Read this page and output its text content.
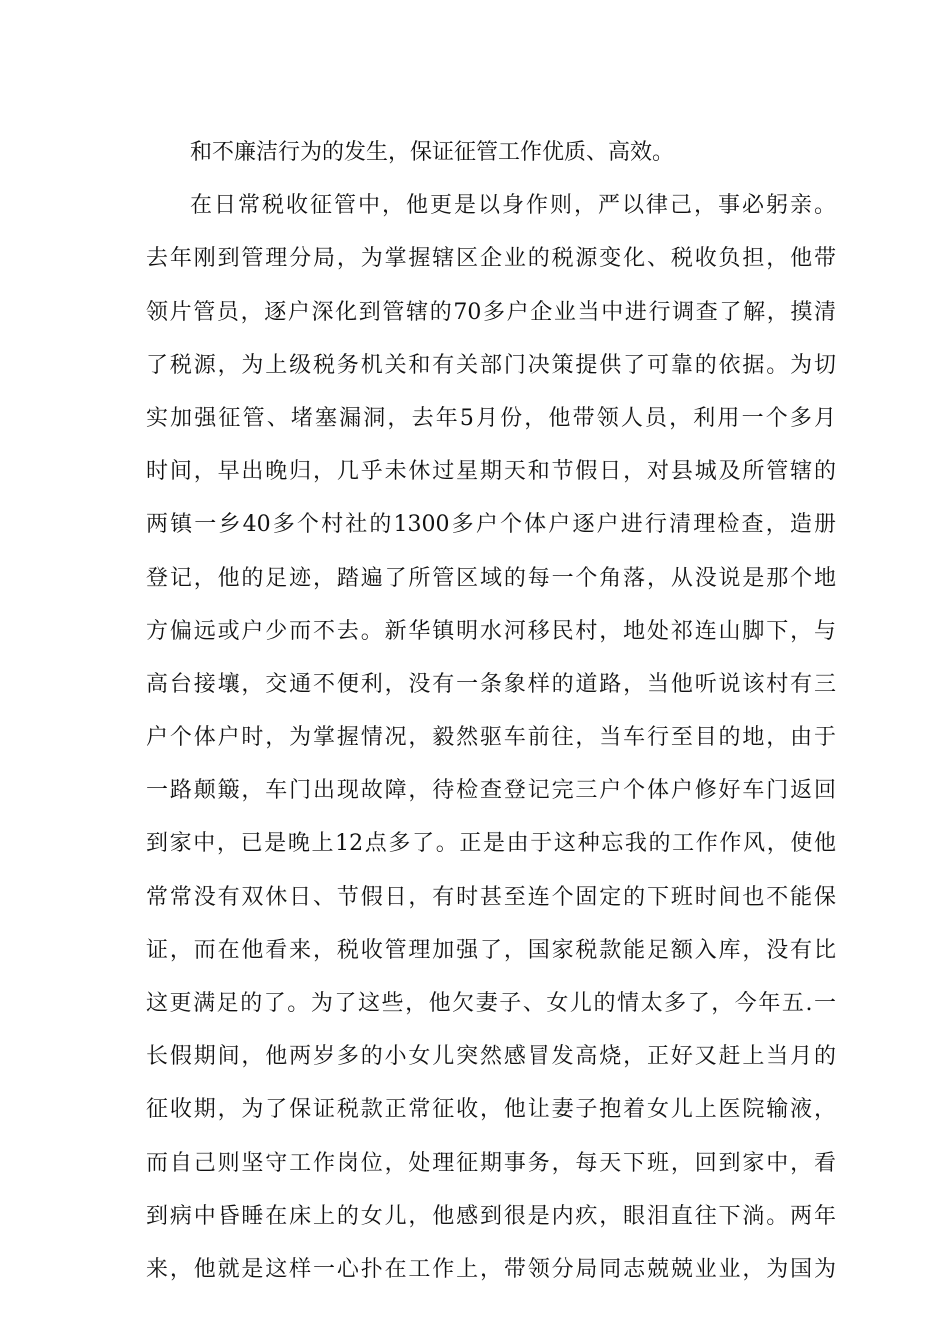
和不廉洁行为的发生，保证征管工作优质、高效。
在日常税收征管中，他更是以身作则，严以律己，事必躬亲。
去年刚到管理分局，为掌握辖区企业的税源变化、税收负担，他带
领片管员，逐户深化到管辖的70多户企业当中进行调查了解，摸清
了税源，为上级税务机关和有关部门决策提供了可靠的依据。为切
实加强征管、堵塞漏洞，去年5月份，他带领人员，利用一个多月
时间，早出晚归，几乎未休过星期天和节假日，对县城及所管辖的
两镇一乡40多个村社的1300多户个体户逐户进行清理检查，造册
登记，他的足迹，踏遍了所管区域的每一个角落，从没说是那个地
方偏远或户少而不去。新华镇明水河移民村，地处祁连山脚下，与
高台接壤，交通不便利，没有一条象样的道路，当他听说该村有三
户个体户时，为掌握情况，毅然驱车前往，当车行至目的地，由于
一路颠簸，车门出现故障，待检查登记完三户个体户修好车门返回
到家中，已是晚上12点多了。正是由于这种忘我的工作作风，使他
常常没有双休日、节假日，有时甚至连个固定的下班时间也不能保
证，而在他看来，税收管理加强了，国家税款能足额入库，没有比
这更满足的了。为了这些，他欠妻子、女儿的情太多了，今年五.一
长假期间，他两岁多的小女儿突然感冒发高烧，正好又赶上当月的
征收期，为了保证税款正常征收，他让妻子抱着女儿上医院输液，
而自己则坚守工作岗位，处理征期事务，每天下班，回到家中，看
到病中昏睡在床上的女儿，他感到很是内疚，眼泪直往下淌。两年
来，他就是这样一心扑在工作上，带领分局同志兢兢业业，为国为
